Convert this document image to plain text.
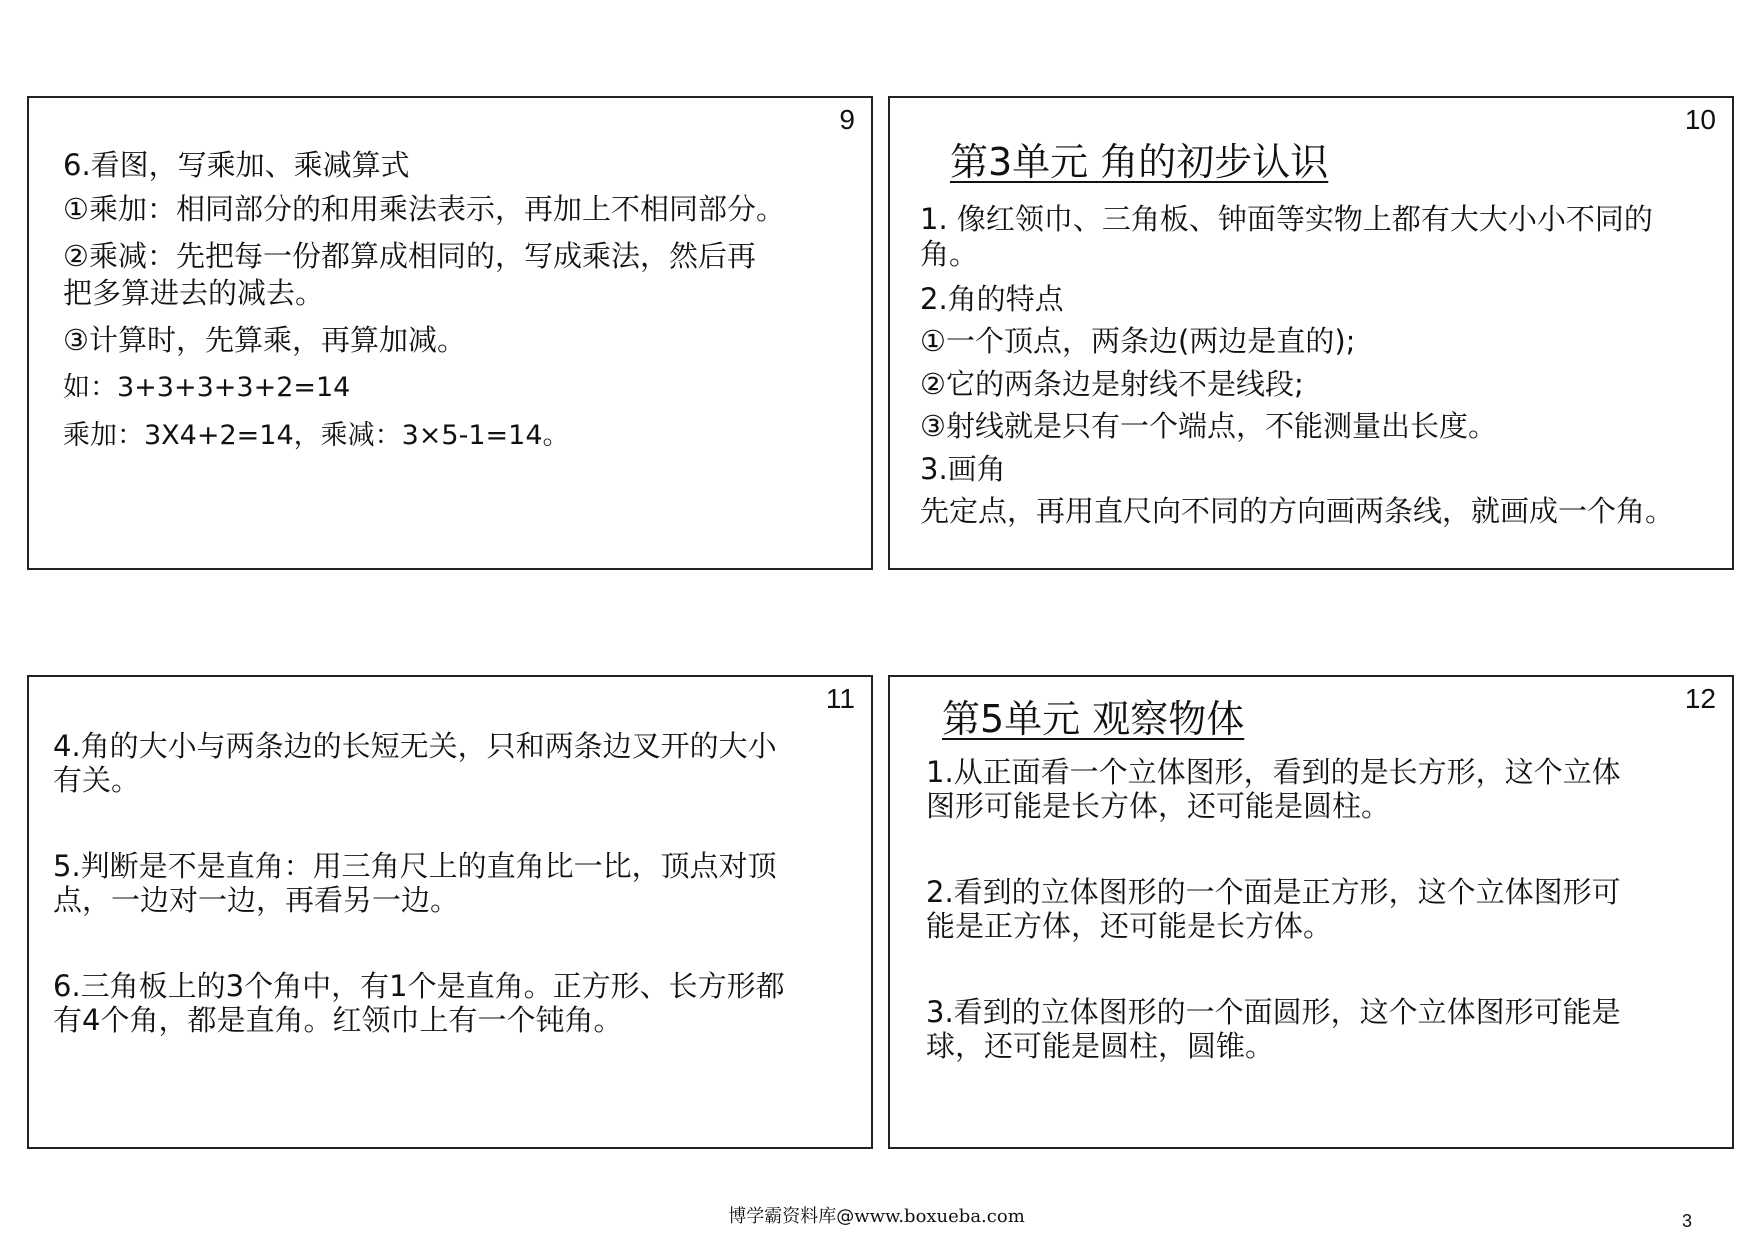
9
6.看图，写乘加、乘减算式
①乘加：相同部分的和用乘法表示，再加上不相同部分。
②乘减：先把每一份都算成相同的，写成乘法，然后再
把多算进去的减去。
③计算时，先算乘，再算加减。
如：3+3+3+3+2=14
乘加：3X4+2=14，乘减：3×5-1=14。
10
第3单元 角的初步认识
1. 像红领巾、三角板、钟面等实物上都有大大小小不同的
角。
2.角的特点
①一个顶点，两条边(两边是直的);
②它的两条边是射线不是线段;
③射线就是只有一个端点，不能测量出长度。
3.画角
先定点，再用直尺向不同的方向画两条线，就画成一个角。
11
4.角的大小与两条边的长短无关，只和两条边叉开的大小
有关。
5.判断是不是直角：用三角尺上的直角比一比，顶点对顶
点，一边对一边，再看另一边。
6.三角板上的3个角中，有1个是直角。正方形、长方形都
有4个角，都是直角。红领巾上有一个钝角。
12
第5单元 观察物体
1.从正面看一个立体图形，看到的是长方形，这个立体
图形可能是长方体，还可能是圆柱。
2.看到的立体图形的一个面是正方形，这个立体图形可
能是正方体，还可能是长方体。
3.看到的立体图形的一个面圆形，这个立体图形可能是
球，还可能是圆柱，圆锥。
博学霸资料库@www.boxueba.com	3
